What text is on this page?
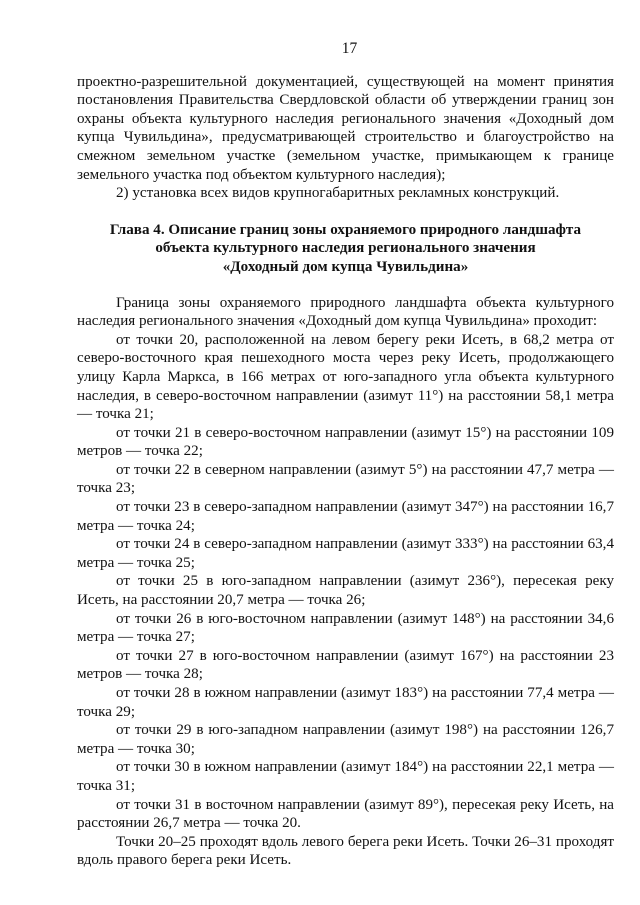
17

проектно-разрешительной документацией, существующей на момент принятия постановления Правительства Свердловской области об утверждении границ зон охраны объекта культурного наследия регионального значения «Доходный дом купца Чувильдина», предусматривающей строительство и благоустройство на смежном земельном участке (земельном участке, примыкающем к границе земельного участка под объектом культурного наследия);

2) установка всех видов крупногабаритных рекламных конструкций.

Глава 4. Описание границ зоны охраняемого природного ландшафта
объекта культурного наследия регионального значения
«Доходный дом купца Чувильдина»

Граница зоны охраняемого природного ландшафта объекта культурного наследия регионального значения «Доходный дом купца Чувильдина» проходит:

от точки 20, расположенной на левом берегу реки Исеть, в 68,2 метра от северо-восточного края пешеходного моста через реку Исеть, продолжающего улицу Карла Маркса, в 166 метрах от юго-западного угла объекта культурного наследия, в северо-восточном направлении (азимут 11°) на расстоянии 58,1 метра — точка 21;

от точки 21 в северо-восточном направлении (азимут 15°) на расстоянии 109 метров — точка 22;

от точки 22 в северном направлении (азимут 5°) на расстоянии 47,7 метра — точка 23;

от точки 23 в северо-западном направлении (азимут 347°) на расстоянии 16,7 метра — точка 24;

от точки 24 в северо-западном направлении (азимут 333°) на расстоянии 63,4 метра — точка 25;

от точки 25 в юго-западном направлении (азимут 236°), пересекая реку Исеть, на расстоянии 20,7 метра — точка 26;

от точки 26 в юго-восточном направлении (азимут 148°) на расстоянии 34,6 метра — точка 27;

от точки 27 в юго-восточном направлении (азимут 167°) на расстоянии 23 метров — точка 28;

от точки 28 в южном направлении (азимут 183°) на расстоянии 77,4 метра — точка 29;

от точки 29 в юго-западном направлении (азимут 198°) на расстоянии 126,7 метра — точка 30;

от точки 30 в южном направлении (азимут 184°) на расстоянии 22,1 метра — точка 31;

от точки 31 в восточном направлении (азимут 89°), пересекая реку Исеть, на расстоянии 26,7 метра — точка 20.

Точки 20–25 проходят вдоль левого берега реки Исеть. Точки 26–31 проходят вдоль правого берега реки Исеть.
